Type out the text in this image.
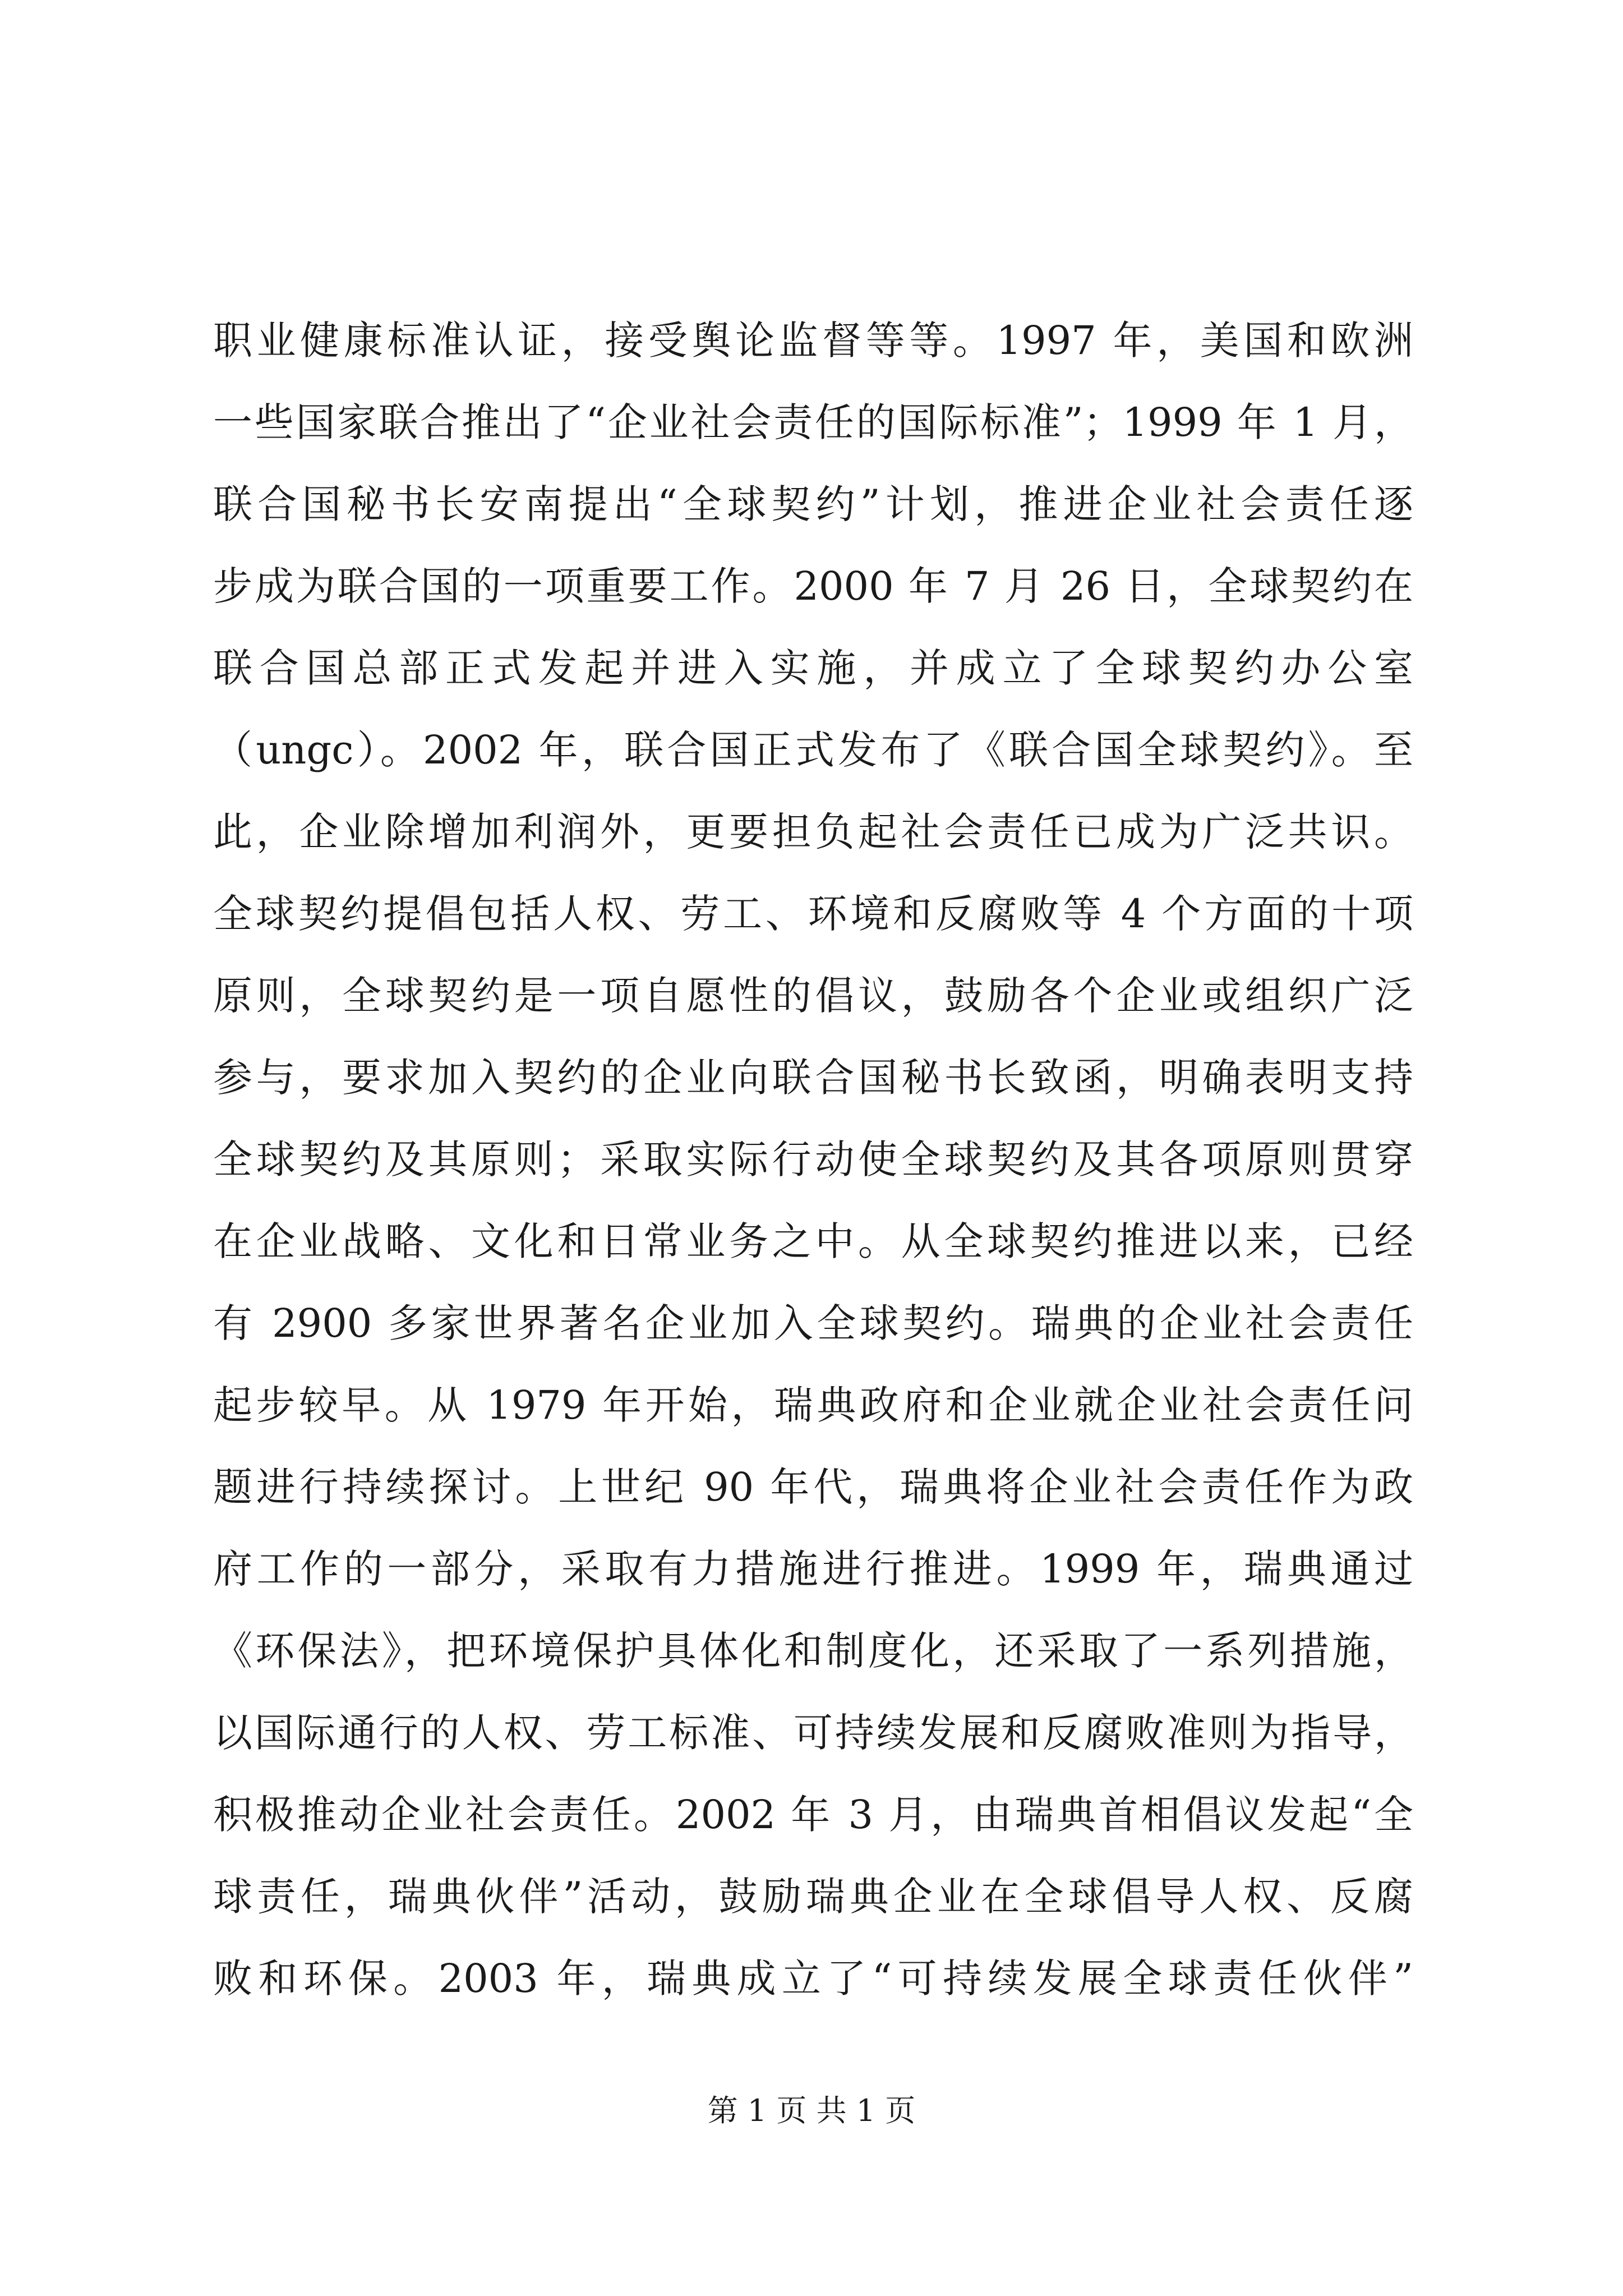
职业健康标准认证，接受舆论监督等等。1997 年，美国和欧洲
一些国家联合推出了“企业社会责任的国际标准”；1999 年 1 月，
联合国秘书长安南提出“全球契约”计划，推进企业社会责任逐
步成为联合国的一项重要工作。2000 年 7 月 26 日，全球契约在
联合国总部正式发起并进入实施，并成立了全球契约办公室
（ungc）。2002 年，联合国正式发布了《联合国全球契约》。至
此，企业除增加利润外，更要担负起社会责任已成为广泛共识。
全球契约提倡包括人权、劳工、环境和反腐败等 4 个方面的十项
原则，全球契约是一项自愿性的倡议，鼓励各个企业或组织广泛
参与，要求加入契约的企业向联合国秘书长致函，明确表明支持
全球契约及其原则；采取实际行动使全球契约及其各项原则贯穿
在企业战略、文化和日常业务之中。从全球契约推进以来，已经
有 2900 多家世界著名企业加入全球契约。瑞典的企业社会责任
起步较早。从 1979 年开始，瑞典政府和企业就企业社会责任问
题进行持续探讨。上世纪 90 年代，瑞典将企业社会责任作为政
府工作的一部分，采取有力措施进行推进。1999 年，瑞典通过
《环保法》，把环境保护具体化和制度化，还采取了一系列措施，
以国际通行的人权、劳工标准、可持续发展和反腐败准则为指导，
积极推动企业社会责任。2002 年 3 月，由瑞典首相倡议发起“全
球责任，瑞典伙伴”活动，鼓励瑞典企业在全球倡导人权、反腐
败和环保。2003 年，瑞典成立了“可持续发展全球责任伙伴”
第 1 页 共 1 页
